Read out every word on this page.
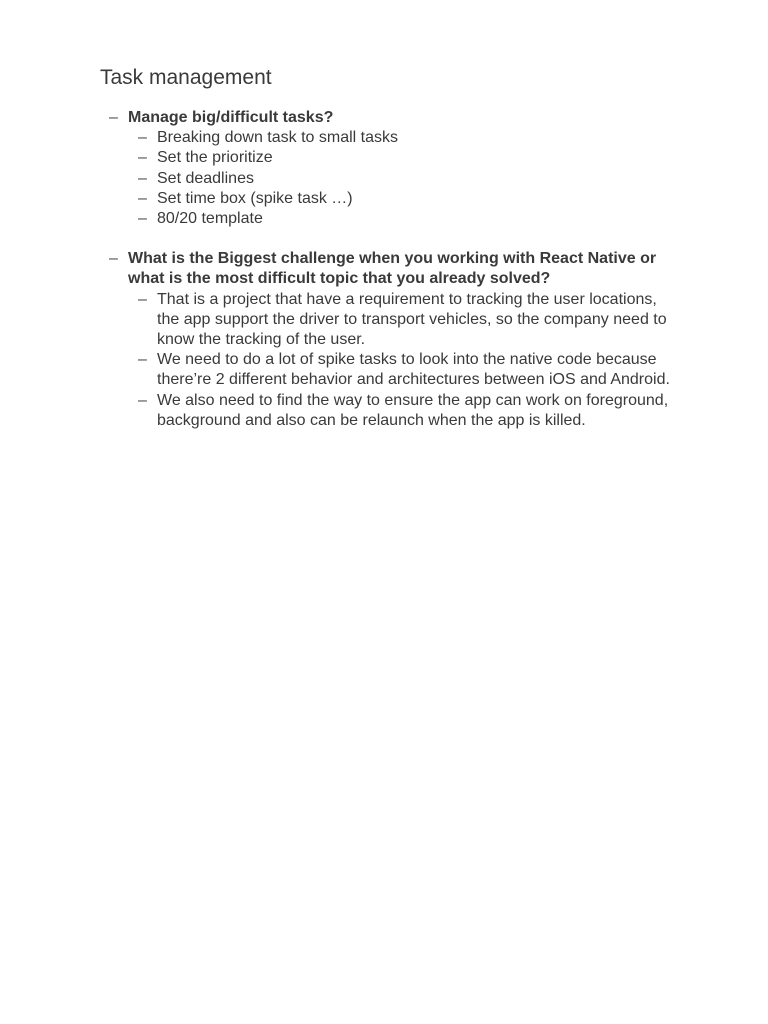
Task management
– Manage big/difficult tasks?
– Breaking down task to small tasks
– Set the prioritize
– Set deadlines
– Set time box (spike task …)
– 80/20 template
– What is the Biggest challenge when you working with React Native or what is the most difficult topic that you already solved?
– That is a project that have a requirement to tracking the user locations, the app support the driver to transport vehicles, so the company need to know the tracking of the user.
– We need to do a lot of spike tasks to look into the native code because there’re 2 different behavior and architectures between iOS and Android.
– We also need to find the way to ensure the app can work on foreground, background and also can be relaunch when the app is killed.
